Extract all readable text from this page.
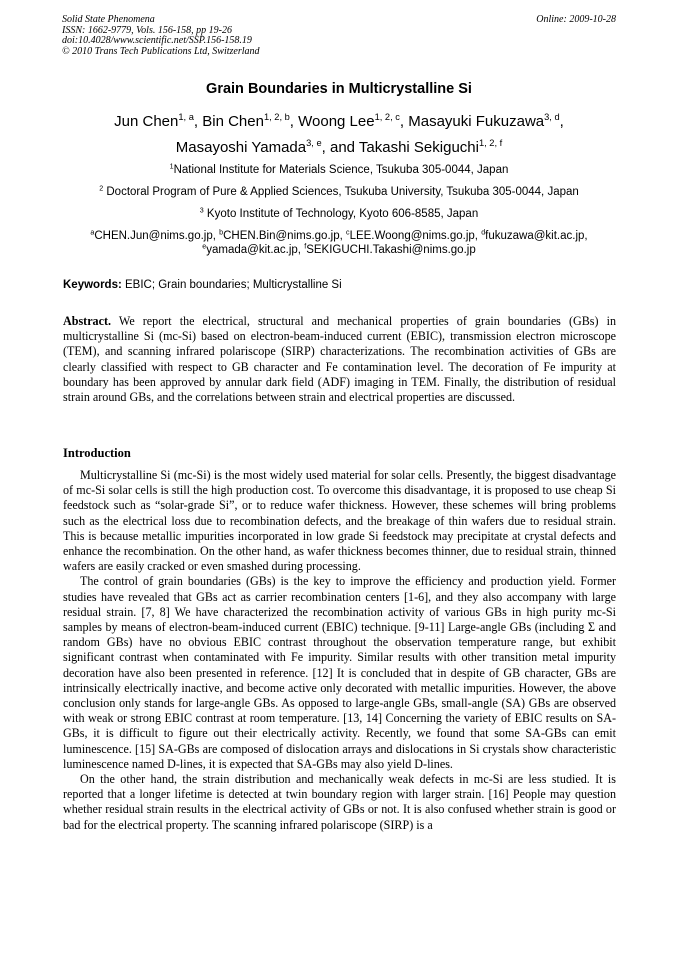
Solid State Phenomena
ISSN: 1662-9779, Vols. 156-158, pp 19-26
doi:10.4028/www.scientific.net/SSP.156-158.19
© 2010 Trans Tech Publications Ltd, Switzerland
Online: 2009-10-28
Grain Boundaries in Multicrystalline Si
Jun Chen$^{1, a}$, Bin Chen$^{1, 2, b}$, Woong Lee$^{1, 2, c}$, Masayuki Fukuzawa$^{3, d}$,
Masayoshi Yamada$^{3, e}$, and Takashi Sekiguchi$^{1, 2, f}$
$^1$National Institute for Materials Science, Tsukuba 305-0044, Japan
$^2$ Doctoral Program of Pure & Applied Sciences, Tsukuba University, Tsukuba 305-0044, Japan
$^3$ Kyoto Institute of Technology, Kyoto 606-8585, Japan
$^a$CHEN.Jun@nims.go.jp, $^b$CHEN.Bin@nims.go.jp, $^c$LEE.Woong@nims.go.jp, $^d$fukuzawa@kit.ac.jp,
$^e$yamada@kit.ac.jp, $^f$SEKIGUCHI.Takashi@nims.go.jp
Keywords: EBIC; Grain boundaries; Multicrystalline Si
Abstract. We report the electrical, structural and mechanical properties of grain boundaries (GBs) in multicrystalline Si (mc-Si) based on electron-beam-induced current (EBIC), transmission electron microscope (TEM), and scanning infrared polariscope (SIRP) characterizations. The recombination activities of GBs are clearly classified with respect to GB character and Fe contamination level. The decoration of Fe impurity at boundary has been approved by annular dark field (ADF) imaging in TEM. Finally, the distribution of residual strain around GBs, and the correlations between strain and electrical properties are discussed.
Introduction

Multicrystalline Si (mc-Si) is the most widely used material for solar cells. Presently, the biggest disadvantage of mc-Si solar cells is still the high production cost. To overcome this disadvantage, it is proposed to use cheap Si feedstock such as “solar-grade Si”, or to reduce wafer thickness. However, these schemes will bring problems such as the electrical loss due to recombination defects, and the breakage of thin wafers due to residual strain. This is because metallic impurities incorporated in low grade Si feedstock may precipitate at crystal defects and enhance the recombination. On the other hand, as wafer thickness becomes thinner, due to residual strain, thinned wafers are easily cracked or even smashed during processing.

The control of grain boundaries (GBs) is the key to improve the efficiency and production yield. Former studies have revealed that GBs act as carrier recombination centers [1-6], and they also accompany with large residual strain. [7, 8] We have characterized the recombination activity of various GBs in high purity mc-Si samples by means of electron-beam-induced current (EBIC) technique. [9-11] Large-angle GBs (including Σ and random GBs) have no obvious EBIC contrast throughout the observation temperature range, but exhibit significant contrast when contaminated with Fe impurity. Similar results with other transition metal impurity decoration have also been presented in reference. [12] It is concluded that in despite of GB character, GBs are intrinsically electrically inactive, and become active only decorated with metallic impurities. However, the above conclusion only stands for large-angle GBs. As opposed to large-angle GBs, small-angle (SA) GBs are observed with weak or strong EBIC contrast at room temperature. [13, 14] Concerning the variety of EBIC results on SA-GBs, it is difficult to figure out their electrically activity. Recently, we found that some SA-GBs can emit luminescence. [15] SA-GBs are composed of dislocation arrays and dislocations in Si crystals show characteristic luminescence named D-lines, it is expected that SA-GBs may also yield D-lines.

On the other hand, the strain distribution and mechanically weak defects in mc-Si are less studied. It is reported that a longer lifetime is detected at twin boundary region with larger strain. [16] People may question whether residual strain results in the electrical activity of GBs or not. It is also confused whether strain is good or bad for the electrical property. The scanning infrared polariscope (SIRP) is a
